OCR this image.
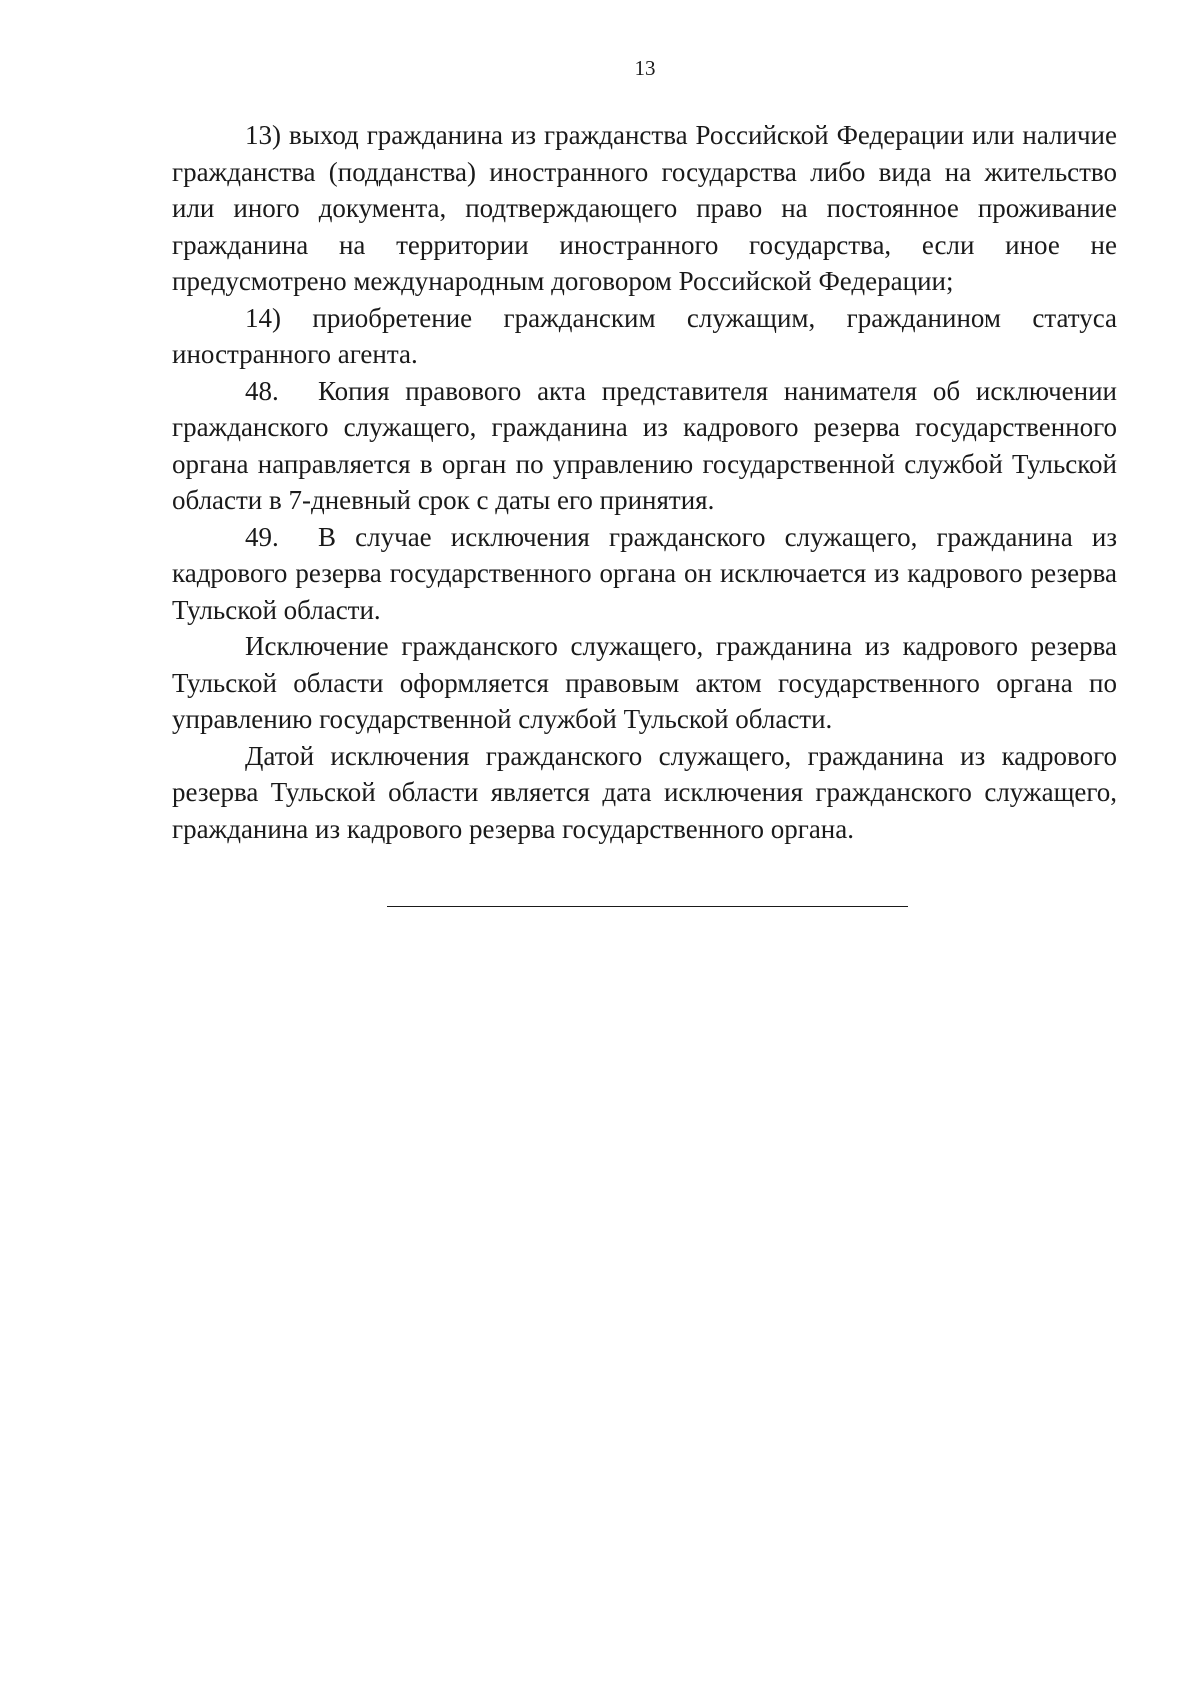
13

13) выход гражданина из гражданства Российской Федерации или наличие гражданства (подданства) иностранного государства либо вида на жительство или иного документа, подтверждающего право на постоянное проживание гражданина на территории иностранного государства, если иное не предусмотрено международным договором Российской Федерации;

14) приобретение гражданским служащим, гражданином статуса иностранного агента.

48. Копия правового акта представителя нанимателя об исключении гражданского служащего, гражданина из кадрового резерва государственного органа направляется в орган по управлению государственной службой Тульской области в 7-дневный срок с даты его принятия.

49. В случае исключения гражданского служащего, гражданина из кадрового резерва государственного органа он исключается из кадрового резерва Тульской области.

Исключение гражданского служащего, гражданина из кадрового резерва Тульской области оформляется правовым актом государственного органа по управлению государственной службой Тульской области.

Датой исключения гражданского служащего, гражданина из кадрового резерва Тульской области является дата исключения гражданского служащего, гражданина из кадрового резерва государственного органа.
